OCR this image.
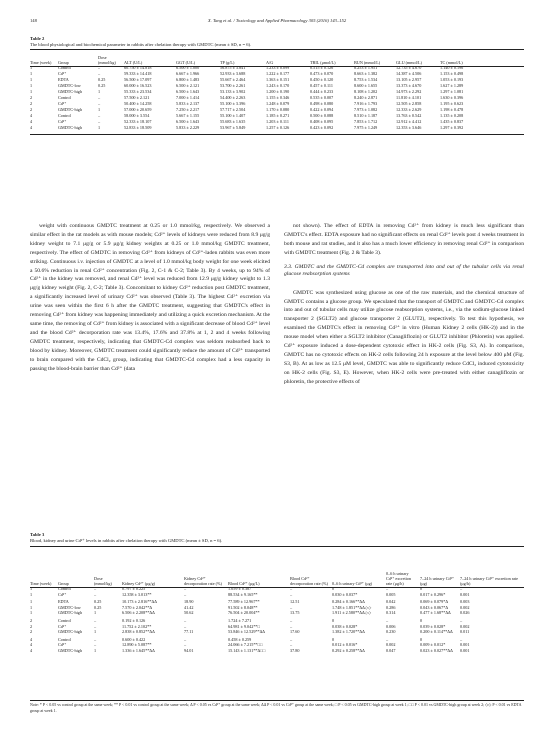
148	X. Tang et al. / Toxicology and Applied Pharmacology 305 (2016) 143–152
Table 2
The blood physiological and biochemical parameter in rabbits after chelation therapy with GMDTC (mean ± SD, n = 6).
Time (week)	Group	Dose (mmol/kg)	ALT (U/L)	GGT (U/L)	TP (g/L)	A/G	TBIL (μmol/L)	BUN (mmol/L)	GLU (mmol/L)	TC (mmol/L)
1	Control	–	60.750 ± 14.818	6.500 ± 1.000	56.875 ± 3.841	1.233 ± 0.099	0.515 ± 0.126	8.253 ± 1.951	12.735 ± 4.670	1.140 ± 0.196
1	Cd²⁺	–	59.333 ± 14.418	6.667 ± 1.966	52.933 ± 3.688	1.222 ± 0.177	0.473 ± 0.070	8.663 ± 1.382	14.387 ± 4.506	1.153 ± 0.498
1	EDTA	0.25	56.500 ± 17.097	6.800 ± 1.483	55.667 ± 2.464	1.363 ± 0.151	0.450 ± 0.120	8.753 ± 1.534	13.105 ± 2.957	1.053 ± 0.193
1	GMDTC-low	0.25	60.000 ± 16.523	6.500 ± 2.121	53.700 ± 2.261	1.243 ± 0.170	0.457 ± 0.111	8.600 ± 1.655	13.373 ± 4.670	1.627 ± 1.289
1	GMDTC-high	1	55.333 ± 23.534	6.500 ± 1.643	53.133 ± 3.902	1.200 ± 0.190	0.444 ± 0.233	8.108 ± 1.202	14.973 ± 2.292	1.297 ± 1.081
2	Control	–	57.500 ± 2.121	7.000 ± 1.414	54.400 ± 2.263	1.155 ± 0.346	0.535 ± 0.007	8.240 ± 2.871	11.810 ± 4.101	1.630 ± 0.396
2	Cd²⁺	–	50.400 ± 14.258	5.833 ± 2.137	55.100 ± 3.396	1.248 ± 0.079	0.498 ± 0.080	7.916 ± 1.793	12.505 ± 2.858	1.195 ± 0.623
2	GMDTC-high	1	57.000 ± 20.659	7.250 ± 2.217	57.717 ± 2.504	1.170 ± 0.080	0.422 ± 0.094	7.973 ± 1.082	12.333 ± 2.629	1.198 ± 0.478
4	Control	–	58.000 ± 3.554	5.667 ± 1.155	55.100 ± 1.407	1.185 ± 0.271	0.500 ± 0.088	8.510 ± 1.187	13.763 ± 0.542	1.135 ± 0.208
4	Cd²⁺	–	52.333 ± 18.107	6.500 ± 1.643	55.683 ± 1.635	1.203 ± 0.111	0.408 ± 0.095	7.853 ± 1.712	12.912 ± 4.412	1.435 ± 0.837
4	GMDTC-high	1	52.833 ± 18.509	5.833 ± 2.229	53.967 ± 5.849	1.257 ± 0.126	0.423 ± 0.092	7.975 ± 1.249	12.353 ± 3.646	1.297 ± 0.392

weight with continuous GMDTC treatment at 0.25 or 1.0 mmol/kg, respectively. We observed a similar effect in the rat models as with mouse models; Cd²⁺ levels of kidneys were reduced from 8.9 μg/g kidney weight to 7.1 μg/g or 5.9 μg/g kidney weights at 0.25 or 1.0 mmol/kg GMDTC treatment, respectively. The effect of GMDTC in removing Cd²⁺ from kidneys of Cd²⁺-laden rabbits was even more striking. Continuous i.v. injection of GMDTC at a level of 1.0 mmol/kg body weight for one week elicited a 50.6% reduction in renal Cd²⁺ concentration (Fig. 2, C-1 & C-2; Table 3). By 4 weeks, up to 94% of Cd²⁺ in the kidney was removed, and renal Cd²⁺ level was reduced from 12.9 μg/g kidney weight to 1.3 μg/g kidney weight (Fig. 2, C-2; Table 3). Concomitant to kidney Cd²⁺ reduction post GMDTC treatment, a significantly increased level of urinary Cd²⁺ was observed (Table 3). The highest Cd²⁺ excretion via urine was seen within the first 6 h after the GMDTC treatment, suggesting that GMDTC's effect in removing Cd²⁺ from kidney was happening immediately and utilizing a quick excretion mechanism. At the same time, the removing of Cd²⁺ from kidney is associated with a significant decrease of blood Cd²⁺ level and the blood Cd²⁺ decorporation rate was 13.4%, 17.6% and 37.8% at 1, 2 and 4 weeks following GMDTC treatment, respectively, indicating that GMDTC-Cd complex was seldom reabsorbed back to blood by kidney. Moreover, GMDTC treatment could significantly reduce the amount of Cd²⁺ transported to brain compared with the CdCl₂ group, indicating that GMDTC-Cd complex had a less capacity in passing the blood-brain barrier than Cd²⁺ (data

not shown). The effect of EDTA in removing Cd²⁺ from kidney is much less significant than GMDTC's effect. EDTA exposure had no significant effects on renal Cd²⁺ levels post 4 weeks treatment in both mouse and rat studies, and it also has a much lower efficiency in removing renal Cd²⁺ in comparison with GMDTC treatment (Fig. 2 & Table 3).

3.3. GMDTC and the GMDTC-Cd complex are transported into and out of the tubular cells via renal glucose reabsorption systems

GMDTC was synthesized using glucose as one of the raw materials, and the chemical structure of GMDTC contains a glucose group. We speculated that the transport of GMDTC and GMDTC-Cd complex into and out of tubular cells may utilize glucose reabsorption systems, i.e., via the sodium-glucose linked transporter 2 (SGLT2) and glucose transporter 2 (GLUT2), respectively. To test this hypothesis, we examined the GMDTC's effect in removing Cd²⁺ in vitro (Human Kidney 2 cells (HK-2)) and in the mouse model when either a SGLT2 inhibitor (Canagliflozin) or GLUT2 inhibitor (Phloretin) was applied. Cd²⁺ exposure induced a dose-dependent cytotoxic effect in HK-2 cells (Fig. S3, A). In comparison, GMDTC has no cytotoxic effects on HK-2 cells following 24 h exposure at the level below 400 μM (Fig. S3, B). At as low as 12.5 μM level, GMDTC was able to significantly reduce CdCl₂ induced cytotoxicity on HK-2 cells (Fig. S3, E). However, when HK-2 cells were pre-treated with either canagliflozin or phloretin, the protective effects of

Table 3
Blood, kidney and urine Cd²⁺ levels in rabbits after chelation therapy with GMDTC (mean ± SD, n = 6).
Time (week)	Group	Dose (mmol/kg)	Kidney Cd²⁺ (μg/g)	Kidney Cd²⁺ decorporation rate (%)	Blood Cd²⁺ (μg/L)	Blood Cd²⁺ decorporation rate (%)	0–6 h urinary Cd²⁺ (μg)	0–6 h urinary Cd²⁺ excretion rate (μg/h)	7–24 h urinary Cd²⁺ (μg)	7–24 h urinary Cd²⁺ excretion rate (μg/h)
1	Control	–	0.797 ± 0.225	–	1.059 ± 0.387	–	0	–	0	–
1	Cd²⁺	–	12.358 ± 3.013**	–	88.534 ± 9.165**	–	0.030 ± 0.037*	0.005	0.017 ± 0.296*	0.001
1	EDTA	0.25	10.173 ± 2.816**ΔΔ	18.90	77.589 ± 12.967**	12.51	0.284 ± 0.166**ΔΔ	0.042	0.069 ± 0.079*Δ	0.003
1	GMDTC-low	0.25	7.570 ± 2.042**Δ	41.42	91.502 ± 8.048**	–	1.748 ± 1.851**ΔΔ◇◇	0.286	0.043 ± 0.067*Δ	0.002
1	GMDTC-high	1	6.506 ± 2.208**ΔΔ	50.62	76.504 ± 20.004**	13.75	1.911 ± 2.580**ΔΔ◇◇	0.314	0.477 ± 1.68**ΔΔ	0.026
2	Control	–	0.192 ± 0.126	–	1.724 ± 7.271	–	0	–	0	–
2	Cd²⁺	–	11.752 ± 2.102**	–	64.981 ± 9.042**□	–	0.038 ± 0.028*	0.006	0.039 ± 0.028*	0.002
2	GMDTC-high	1	2.838 ± 0.852**ΔΔ	77.11	53.846 ± 12.529**ΔΔ	17.60	1.382 ± 1.720**ΔΔ	0.230	0.200 ± 0.114**ΔΔ	0.011
4	Control	–	0.600 ± 0.422	–	0.458 ± 0.259	–	0	–	0	–
4	Cd²⁺	–	12.890 ± 5.087**	–	24.066 ± 7.215**□□	–	0.012 ± 0.016*	0.002	0.009 ± 0.012*	0.001
4	GMDTC-high	1	1.336 ± 1.645**ΔΔ	94.01	15.143 ± 1.131**Δ□□	37.80	0.292 ± 0.258**ΔΔ	0.047	0.023 ± 0.027**ΔΔ	0.001
Note: * P < 0.05 vs control group at the same week; ** P < 0.01 vs control group at the same week; Δ P < 0.05 vs Cd²⁺ group at the same week; ΔΔ P < 0.01 vs Cd²⁺ group at the same week; □ P < 0.05 vs GMDTC-high group at week 1; □□ P < 0.01 vs GMDTC-high group at week 2; ◇◇ P < 0.01 vs EDTA group at week 1.
